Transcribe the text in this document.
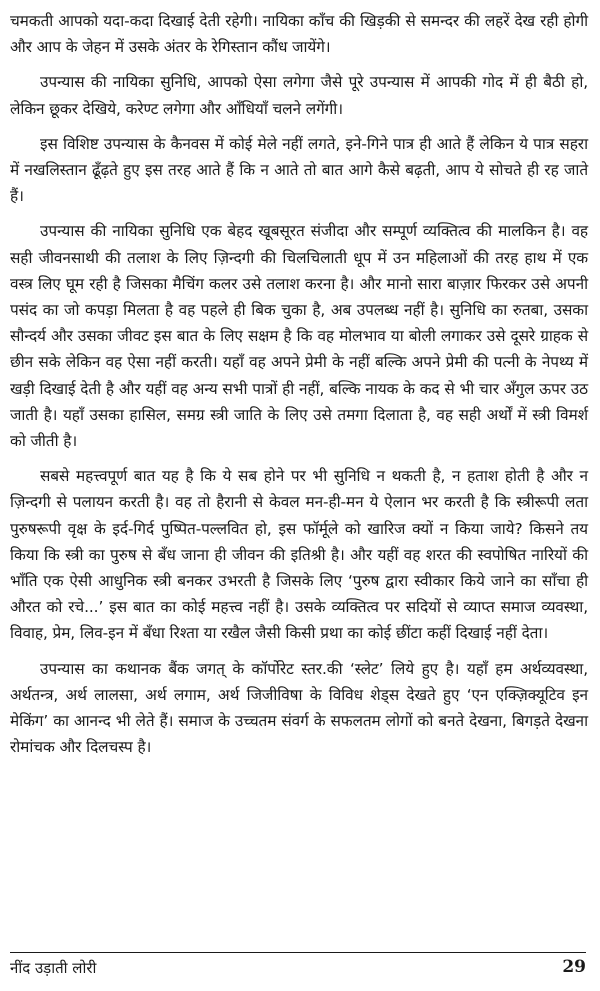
चमकती आपको यदा-कदा दिखाई देती रहेगी। नायिका काँच की खिड़की से समन्दर की लहरें देख रही होगी और आप के जेहन में उसके अंतर के रेगिस्तान कौंध जायेंगे।

उपन्यास की नायिका सुनिधि, आपको ऐसा लगेगा जैसे पूरे उपन्यास में आपकी गोद में ही बैठी हो, लेकिन छूकर देखिये, करेण्ट लगेगा और आँधियाँ चलने लगेंगी।

इस विशिष्ट उपन्यास के कैनवस में कोई मेले नहीं लगते, इने-गिने पात्र ही आते हैं लेकिन ये पात्र सहरा में नखलिस्तान ढूँढ़ते हुए इस तरह आते हैं कि न आते तो बात आगे कैसे बढ़ती, आप ये सोचते ही रह जाते हैं।

उपन्यास की नायिका सुनिधि एक बेहद खूबसूरत संजीदा और सम्पूर्ण व्यक्तित्व की मालकिन है। वह सही जीवनसाथी की तलाश के लिए ज़िन्दगी की चिलचिलाती धूप में उन महिलाओं की तरह हाथ में एक वस्त्र लिए घूम रही है जिसका मैचिंग कलर उसे तलाश करना है। और मानो सारा बाज़ार फिरकर उसे अपनी पसंद का जो कपड़ा मिलता है वह पहले ही बिक चुका है, अब उपलब्ध नहीं है। सुनिधि का रुतबा, उसका सौन्दर्य और उसका जीवट इस बात के लिए सक्षम है कि वह मोलभाव या बोली लगाकर उसे दूसरे ग्राहक से छीन सके लेकिन वह ऐसा नहीं करती। यहाँ वह अपने प्रेमी के नहीं बल्कि अपने प्रेमी की पत्नी के नेपथ्य में खड़ी दिखाई देती है और यहीं वह अन्य सभी पात्रों ही नहीं, बल्कि नायक के कद से भी चार अँगुल ऊपर उठ जाती है। यहाँ उसका हासिल, समग्र स्त्री जाति के लिए उसे तमगा दिलाता है, वह सही अर्थों में स्त्री विमर्श को जीती है।

सबसे महत्त्वपूर्ण बात यह है कि ये सब होने पर भी सुनिधि न थकती है, न हताश होती है और न ज़िन्दगी से पलायन करती है। वह तो हैरानी से केवल मन-ही-मन ये ऐलान भर करती है कि स्त्रीरूपी लता पुरुषरूपी वृक्ष के इर्द-गिर्द पुष्पित-पल्लवित हो, इस फॉर्मूले को खारिज क्यों न किया जाये? किसने तय किया कि स्त्री का पुरुष से बँध जाना ही जीवन की इतिश्री है। और यहीं वह शरत की स्वपोषित नारियों की भाँति एक ऐसी आधुनिक स्त्री बनकर उभरती है जिसके लिए ‘पुरुष द्वारा स्वीकार किये जाने का साँचा ही औरत को रचे...’ इस बात का कोई महत्त्व नहीं है। उसके व्यक्तित्व पर सदियों से व्याप्त समाज व्यवस्था, विवाह, प्रेम, लिव-इन में बँधा रिश्ता या रखैल जैसी किसी प्रथा का कोई छींटा कहीं दिखाई नहीं देता।

उपन्यास का कथानक बैंक जगत् के कॉर्पोरेट स्तर.की ‘स्लेट’ लिये हुए है। यहाँ हम अर्थव्यवस्था, अर्थतन्त्र, अर्थ लालसा, अर्थ लगाम, अर्थ जिजीविषा के विविध शेड्स देखते हुए ‘एन एक्ज़िक्यूटिव इन मेकिंग’ का आनन्द भी लेते हैं। समाज के उच्चतम संवर्ग के सफलतम लोगों को बनते देखना, बिगड़ते देखना रोमांचक और दिलचस्प है।

नींद उड़ाती लोरी	29
